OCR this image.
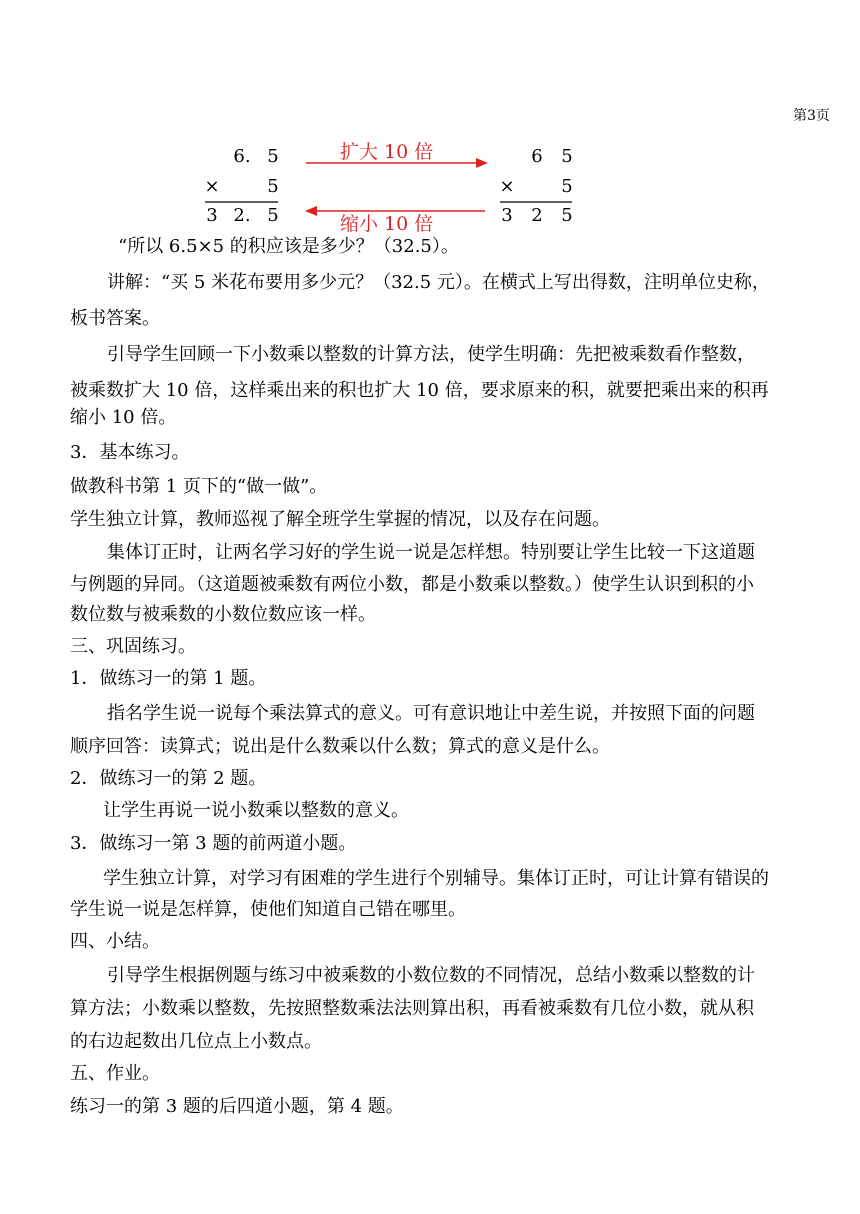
第3页
6. 5
×	5
3 2. 5
6 5
×	5
3 2 5
扩大 10 倍
缩小 10 倍
“所以 6.5×5 的积应该是多少？（32.5）。
讲解：“买 5 米花布要用多少元？（32.5 元）。在横式上写出得数，注明单位史称，
板书答案。
引导学生回顾一下小数乘以整数的计算方法，使学生明确：先把被乘数看作整数，
被乘数扩大 10 倍，这样乘出来的积也扩大 10 倍，要求原来的积，就要把乘出来的积再
缩小 10 倍。
3．基本练习。
做教科书第 1 页下的“做一做”。
学生独立计算，教师巡视了解全班学生掌握的情况，以及存在问题。
集体订正时，让两名学习好的学生说一说是怎样想。特别要让学生比较一下这道题
与例题的异同。（这道题被乘数有两位小数，都是小数乘以整数。）使学生认识到积的小
数位数与被乘数的小数位数应该一样。
三、巩固练习。
1．做练习一的第 1 题。
指名学生说一说每个乘法算式的意义。可有意识地让中差生说，并按照下面的问题
顺序回答：读算式；说出是什么数乘以什么数；算式的意义是什么。
2．做练习一的第 2 题。
让学生再说一说小数乘以整数的意义。
3．做练习一第 3 题的前两道小题。
学生独立计算，对学习有困难的学生进行个别辅导。集体订正时，可让计算有错误的
学生说一说是怎样算，使他们知道自己错在哪里。
四、小结。
引导学生根据例题与练习中被乘数的小数位数的不同情况，总结小数乘以整数的计
算方法；小数乘以整数，先按照整数乘法法则算出积，再看被乘数有几位小数，就从积
的右边起数出几位点上小数点。
五、作业。
练习一的第 3 题的后四道小题，第 4 题。
